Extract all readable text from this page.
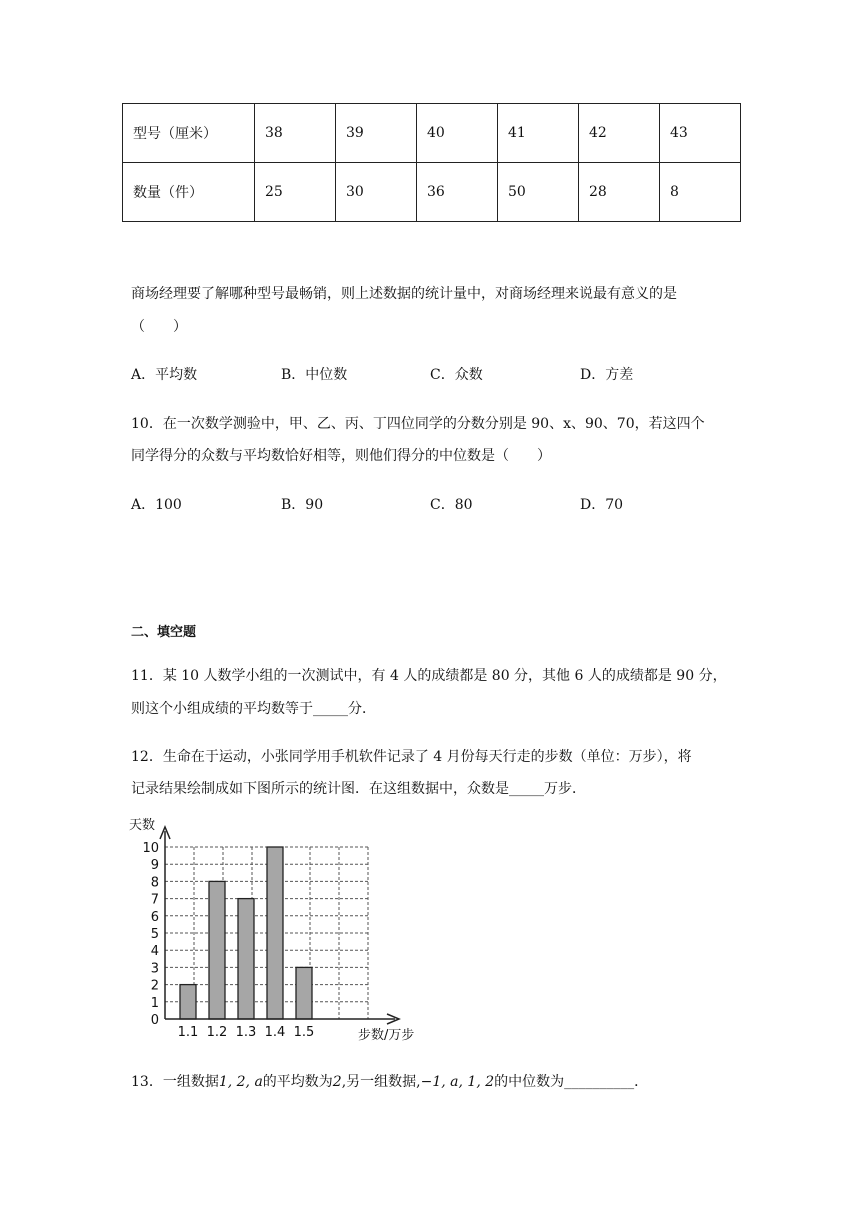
型号（厘米）	38	39	40	41	42	43
数量（件）	25	30	36	50	28	8
商场经理要了解哪种型号最畅销，则上述数据的统计量中，对商场经理来说最有意义的是
（　　）
A．平均数	B．中位数	C．众数	D．方差
10．在一次数学测验中，甲、乙、丙、丁四位同学的分数分别是 90、x、90、70，若这四个
同学得分的众数与平均数恰好相等，则他们得分的中位数是（　　）
A．100	B．90	C．80	D．70
二、填空题
11．某 10 人数学小组的一次测试中，有 4 人的成绩都是 80 分，其他 6 人的成绩都是 90 分，
则这个小组成绩的平均数等于_____分．
12．生命在于运动，小张同学用手机软件记录了 4 月份每天行走的步数（单位：万步），将
记录结果绘制成如下图所示的统计图．在这组数据中，众数是_____万步．
0
1
2
3
4
5
6
7
8
9
10
1.1 1.2 1.3 1.4 1.5
天数
步数/万步
13．一组数据1, 2, a的平均数为2,另一组数据,−1, a, 1, 2的中位数为__________．
